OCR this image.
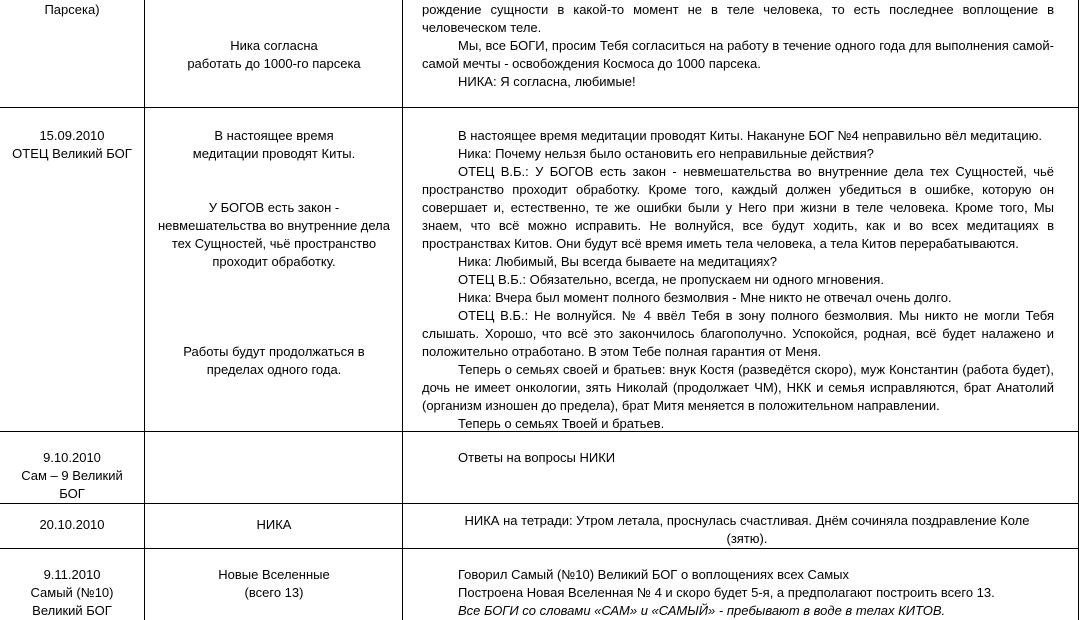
Парсека)
Ника согласна
работать до 1000-го парсека
рождение сущности в какой-то момент не в теле человека, то есть последнее воплощение в человеческом теле.
Мы, все БОГИ, просим Тебя согласиться на работу в течение одного года для выполнения самой-самой мечты - освобождения Космоса до 1000 парсека.
НИКА: Я согласна, любимые!
15.09.2010
ОТЕЦ Великий БОГ
В настоящее время
медитации проводят Киты.
У БОГОВ есть закон -
невмешательства во внутренние дела
тех Сущностей, чьё пространство
проходит обработку.
Работы будут продолжаться в
пределах одного года.
В настоящее время медитации проводят Киты. Накануне БОГ №4 неправильно вёл медитацию.
Ника: Почему нельзя было остановить его неправильные действия?
ОТЕЦ В.Б.: У БОГОВ есть закон - невмешательства во внутренние дела тех Сущностей, чьё пространство проходит обработку. Кроме того, каждый должен убедиться в ошибке, которую он совершает и, естественно, те же ошибки были у Него при жизни в теле человека. Кроме того, Мы знаем, что всё можно исправить. Не волнуйся, все будут ходить, как и во всех медитациях в пространствах Китов. Они будут всё время иметь тела человека, а тела Китов перерабатываются.
Ника: Любимый, Вы всегда бываете на медитациях?
ОТЕЦ В.Б.: Обязательно, всегда, не пропускаем ни одного мгновения.
Ника: Вчера был момент полного безмолвия - Мне никто не отвечал очень долго.
ОТЕЦ В.Б.: Не волнуйся. № 4 ввёл Тебя в зону полного безмолвия. Мы никто не могли Тебя слышать. Хорошо, что всё это закончилось благополучно. Успокойся, родная, всё будет налажено и положительно отработано. В этом Тебе полная гарантия от Меня.
Теперь о семьях своей и братьев: внук Костя (разведётся скоро), муж Константин (работа будет), дочь не имеет онкологии, зять Николай (продолжает ЧМ), НКК и семья исправляются, брат Анатолий (организм изношен до предела), брат Митя меняется в положительном направлении.
Теперь о семьях Твоей и братьев.
9.10.2010
Сам – 9 Великий
БОГ
Ответы на вопросы НИКИ
20.10.2010	НИКА	НИКА на тетради: Утром летала, проснулась счастливая. Днём сочиняла поздравление Коле
(зятю).
9.11.2010
Самый (№10)
Великий БОГ
Новые Вселенные
(всего 13)
Говорил Самый (№10) Великий БОГ о воплощениях всех Самых
Построена Новая Вселенная № 4 и скоро будет 5-я, а предполагают построить всего 13.
Все БОГИ со словами «САМ» и «САМЫЙ» - пребывают в воде в телах КИТОВ.
